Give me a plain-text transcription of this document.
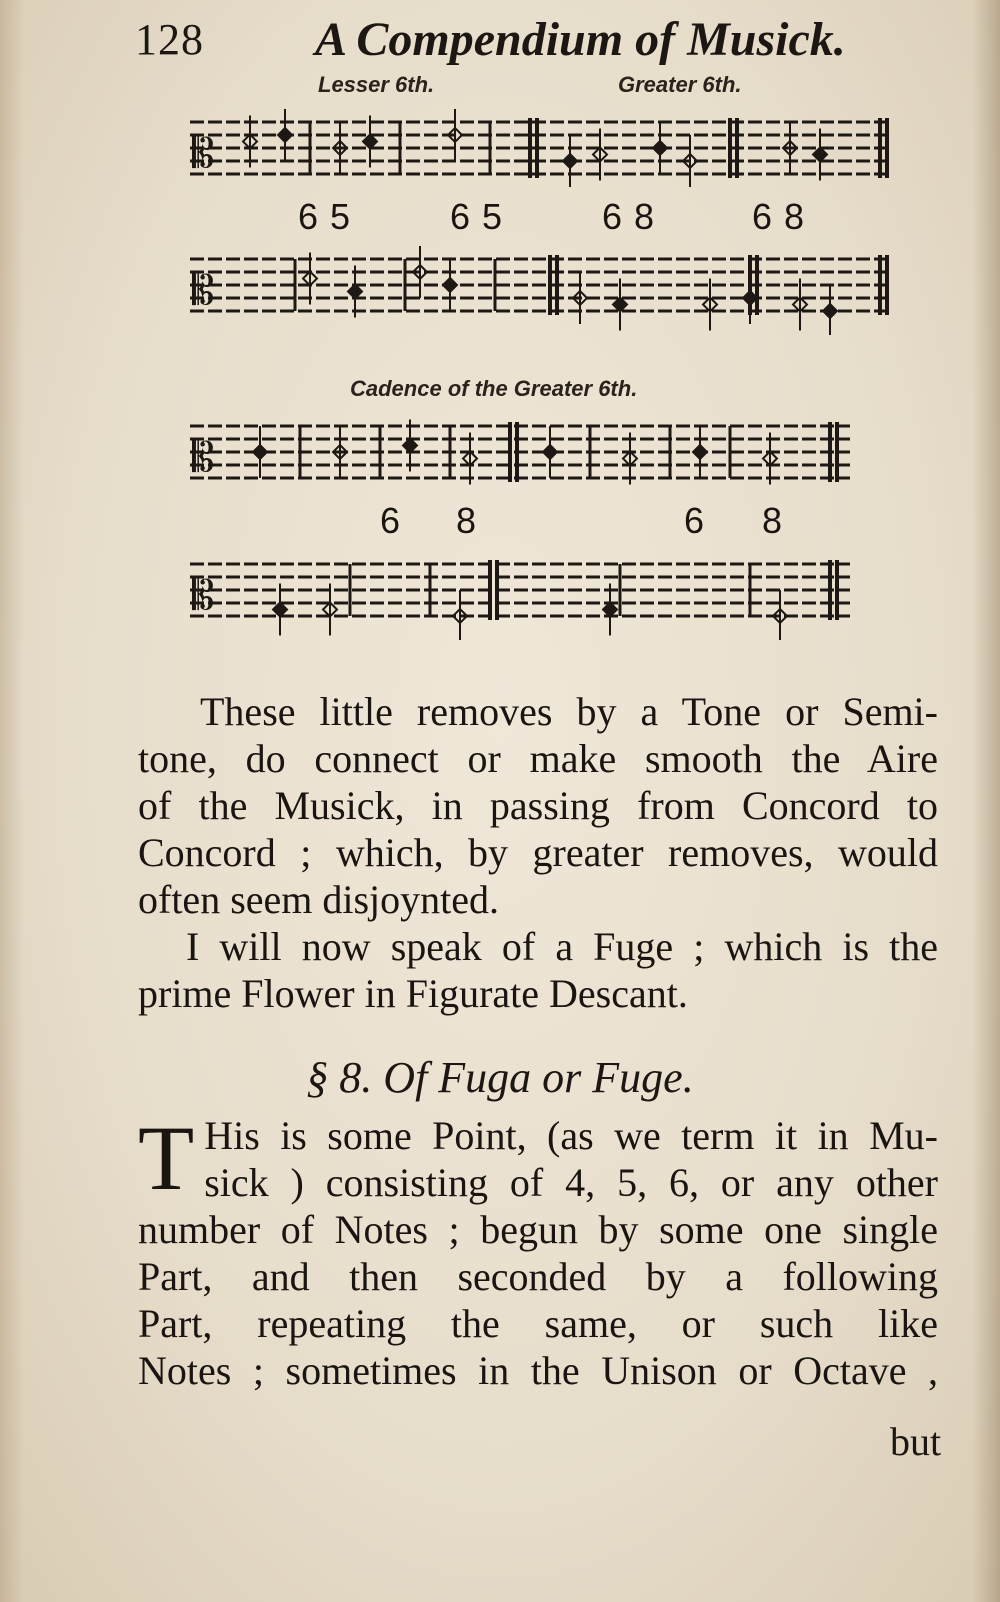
128 A Compendium of Musick.
Lesser 6th.	Greater 6th.
𝄡
6 5	6 5	6 8	6 8
𝄡
Cadence of the Greater 6th.
𝄡
6 8	6 8
𝄡

These little removes by a Tone or Semi-

tone, do connect or make smooth the Aire

of the Musick, in passing from Concord to

Concord ; which, by greater removes, would

often seem disjoynted.

I will now speak of a Fuge ; which is the

prime Flower in Figurate Descant.

§ 8. Of Fuga or Fuge.
T His is some Point, (as we term it in Mu-

sick ) consisting of 4, 5, 6, or any other

number of Notes ; begun by some one single

Part, and then seconded by a following

Part, repeating the same, or such like

Notes ; sometimes in the Unison or Octave ,

but
